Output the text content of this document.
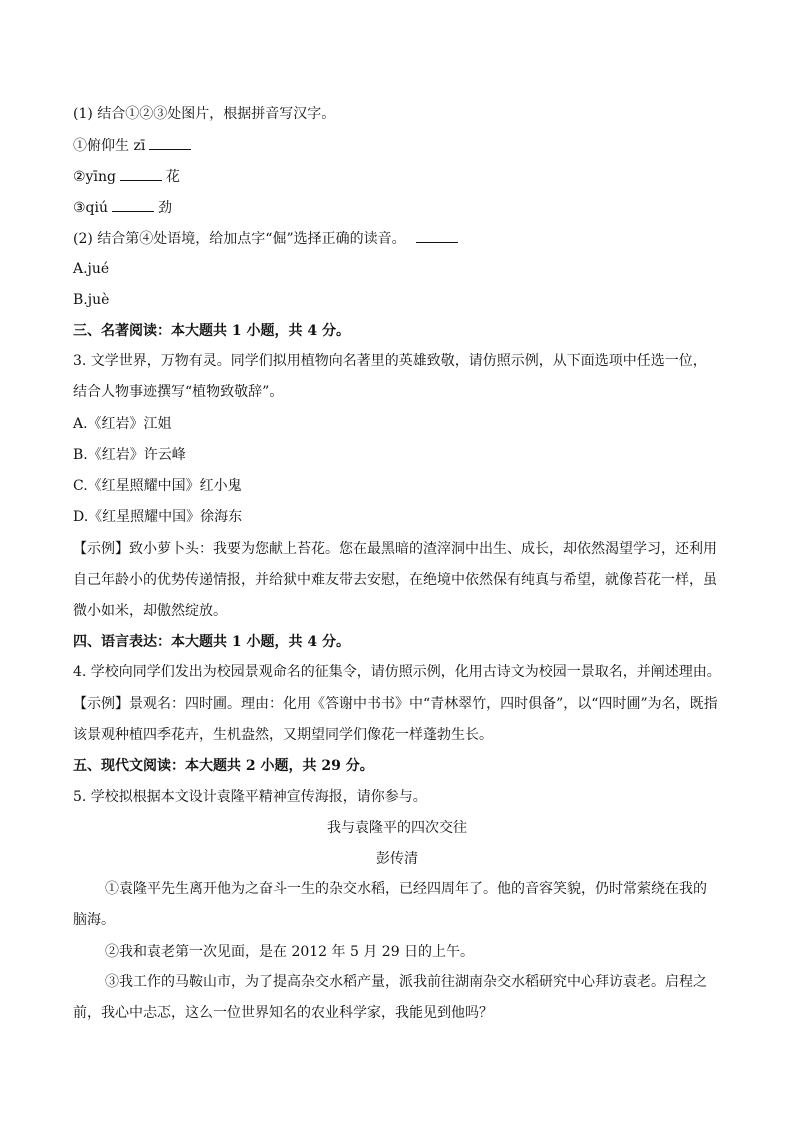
(1) 结合①②③处图片，根据拼音写汉字。
①俯仰生 zī
②yīng	花
③qiú	劲
(2) 结合第④处语境，给加点字“倔”选择正确的读音。
A.jué
B.juè
三、名著阅读：本大题共 1 小题，共 4 分。
3. 文学世界，万物有灵。同学们拟用植物向名著里的英雄致敬，请仿照示例，从下面选项中任选一位，结合人物事迹撰写“植物致敬辞”。
A.《红岩》江姐
B.《红岩》许云峰
C.《红星照耀中国》红小鬼
D.《红星照耀中国》徐海东
【示例】致小萝卜头：我要为您献上苔花。您在最黑暗的渣滓洞中出生、成长，却依然渴望学习，还利用自己年龄小的优势传递情报，并给狱中难友带去安慰，在绝境中依然保有纯真与希望，就像苔花一样，虽微小如米，却傲然绽放。
四、语言表达：本大题共 1 小题，共 4 分。
4. 学校向同学们发出为校园景观命名的征集令，请仿照示例，化用古诗文为校园一景取名，并阐述理由。
【示例】景观名：四时圃。理由：化用《答谢中书书》中“青林翠竹，四时俱备”，以“四时圃”为名，既指该景观种植四季花卉，生机盎然，又期望同学们像花一样蓬勃生长。
五、现代文阅读：本大题共 2 小题，共 29 分。
5. 学校拟根据本文设计袁隆平精神宣传海报，请你参与。
我与袁隆平的四次交往
彭传清
①袁隆平先生离开他为之奋斗一生的杂交水稻，已经四周年了。他的音容笑貌，仍时常萦绕在我的脑海。
②我和袁老第一次见面，是在 2012 年 5 月 29 日的上午。
③我工作的马鞍山市，为了提高杂交水稻产量，派我前往湖南杂交水稻研究中心拜访袁老。启程之前，我心中忐忑，这么一位世界知名的农业科学家，我能见到他吗？
